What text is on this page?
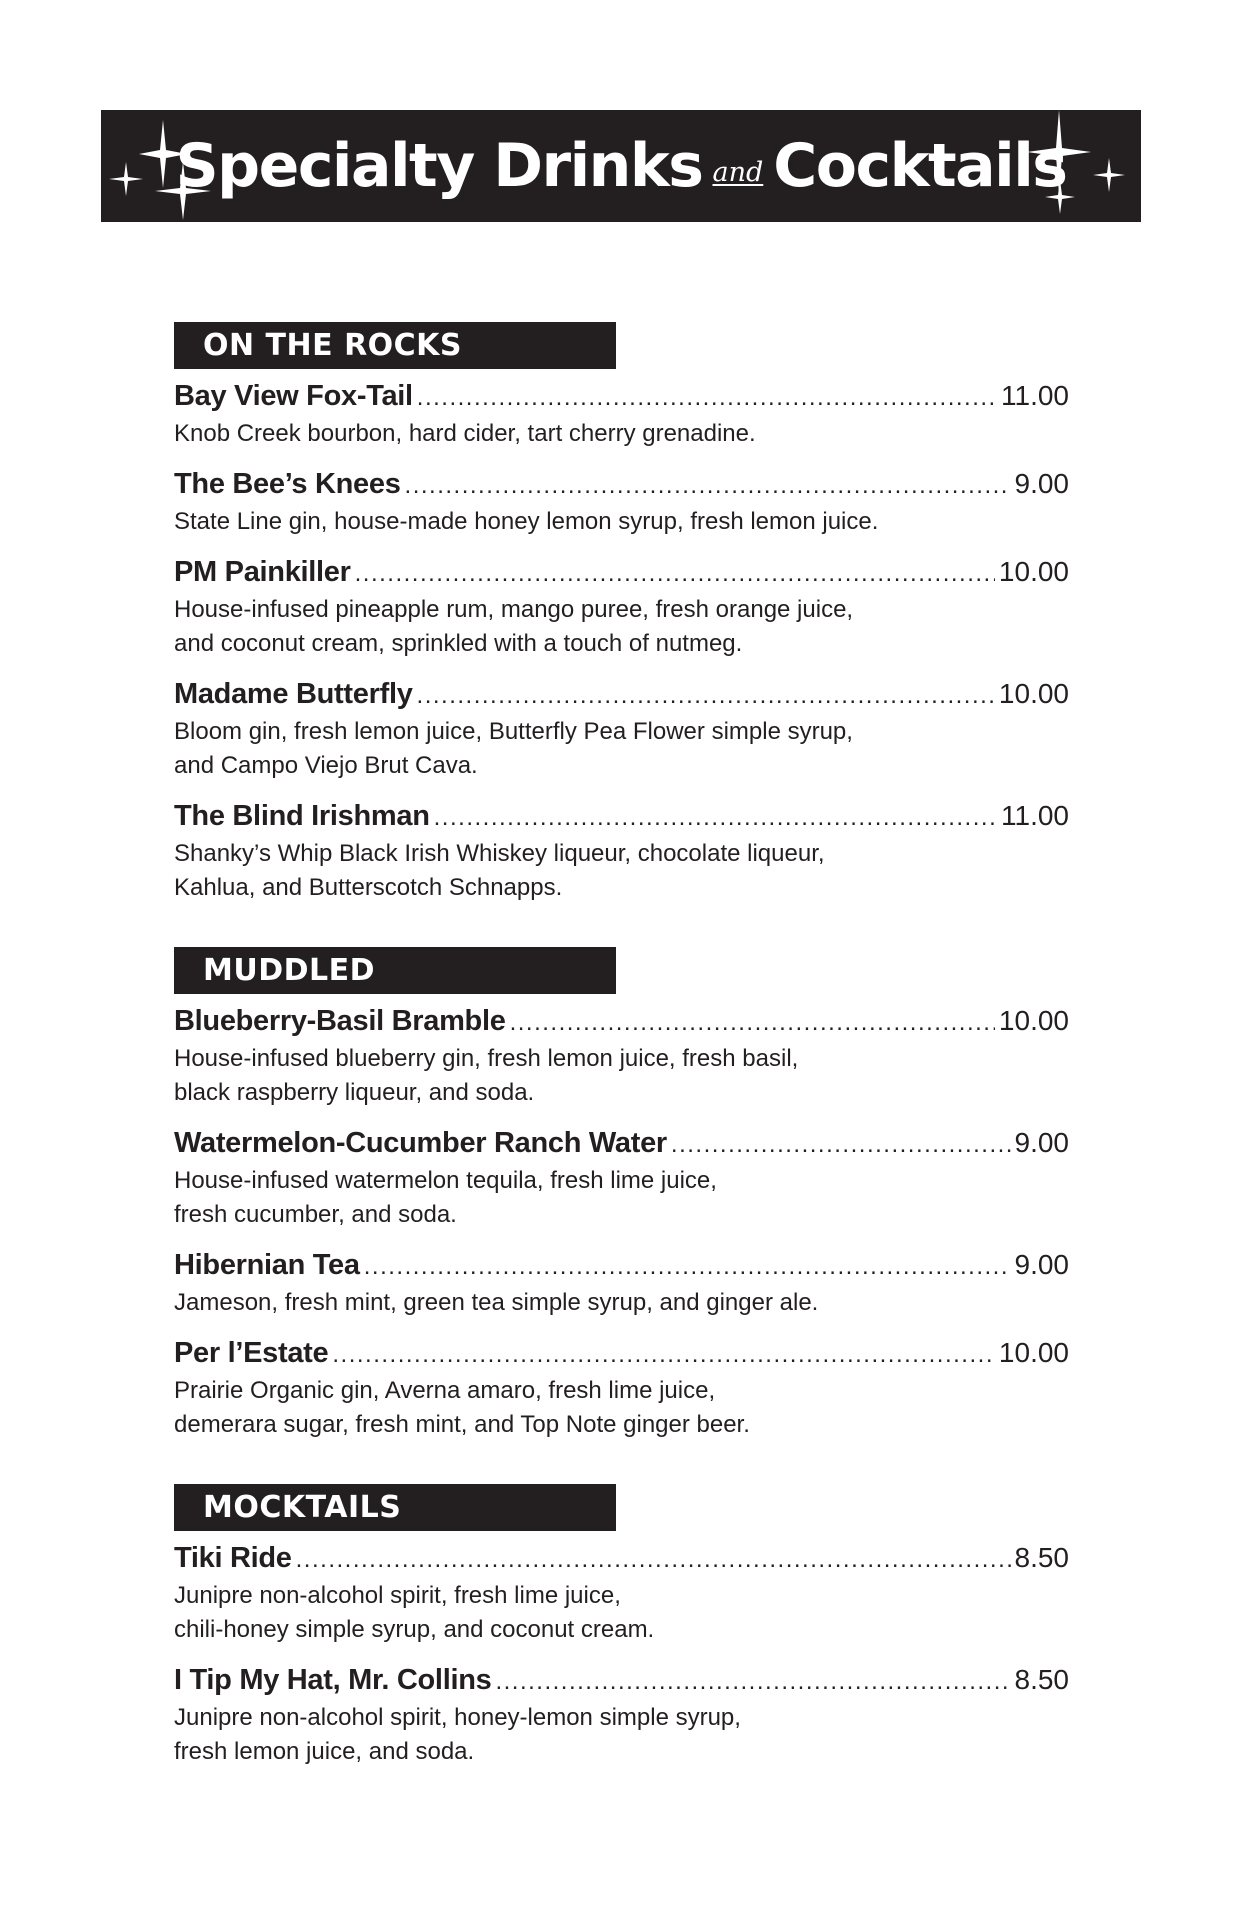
Specialty Drinks and Cocktails
ON THE ROCKS
Bay View Fox-Tail .....	11.00
Knob Creek bourbon, hard cider, tart cherry grenadine.
The Bee’s Knees .....	9.00
State Line gin, house-made honey lemon syrup, fresh lemon juice.
PM Painkiller .....	10.00
House-infused pineapple rum, mango puree, fresh orange juice,
and coconut cream, sprinkled with a touch of nutmeg.
Madame Butterfly .....	10.00
Bloom gin, fresh lemon juice, Butterfly Pea Flower simple syrup,
and Campo Viejo Brut Cava.
The Blind Irishman .....	11.00
Shanky’s Whip Black Irish Whiskey liqueur, chocolate liqueur,
Kahlua, and Butterscotch Schnapps.
MUDDLED
Blueberry-Basil Bramble .....	10.00
House-infused blueberry gin, fresh lemon juice, fresh basil,
black raspberry liqueur, and soda.
Watermelon-Cucumber Ranch Water .....	9.00
House-infused watermelon tequila, fresh lime juice,
fresh cucumber, and soda.
Hibernian Tea .....	9.00
Jameson, fresh mint, green tea simple syrup, and ginger ale.
Per l’Estate .....	10.00
Prairie Organic gin, Averna amaro, fresh lime juice,
demerara sugar, fresh mint, and Top Note ginger beer.
MOCKTAILS
Tiki Ride .....	8.50
Junipre non-alcohol spirit, fresh lime juice,
chili-honey simple syrup, and coconut cream.
I Tip My Hat, Mr. Collins .....	8.50
Junipre non-alcohol spirit, honey-lemon simple syrup,
fresh lemon juice, and soda.
